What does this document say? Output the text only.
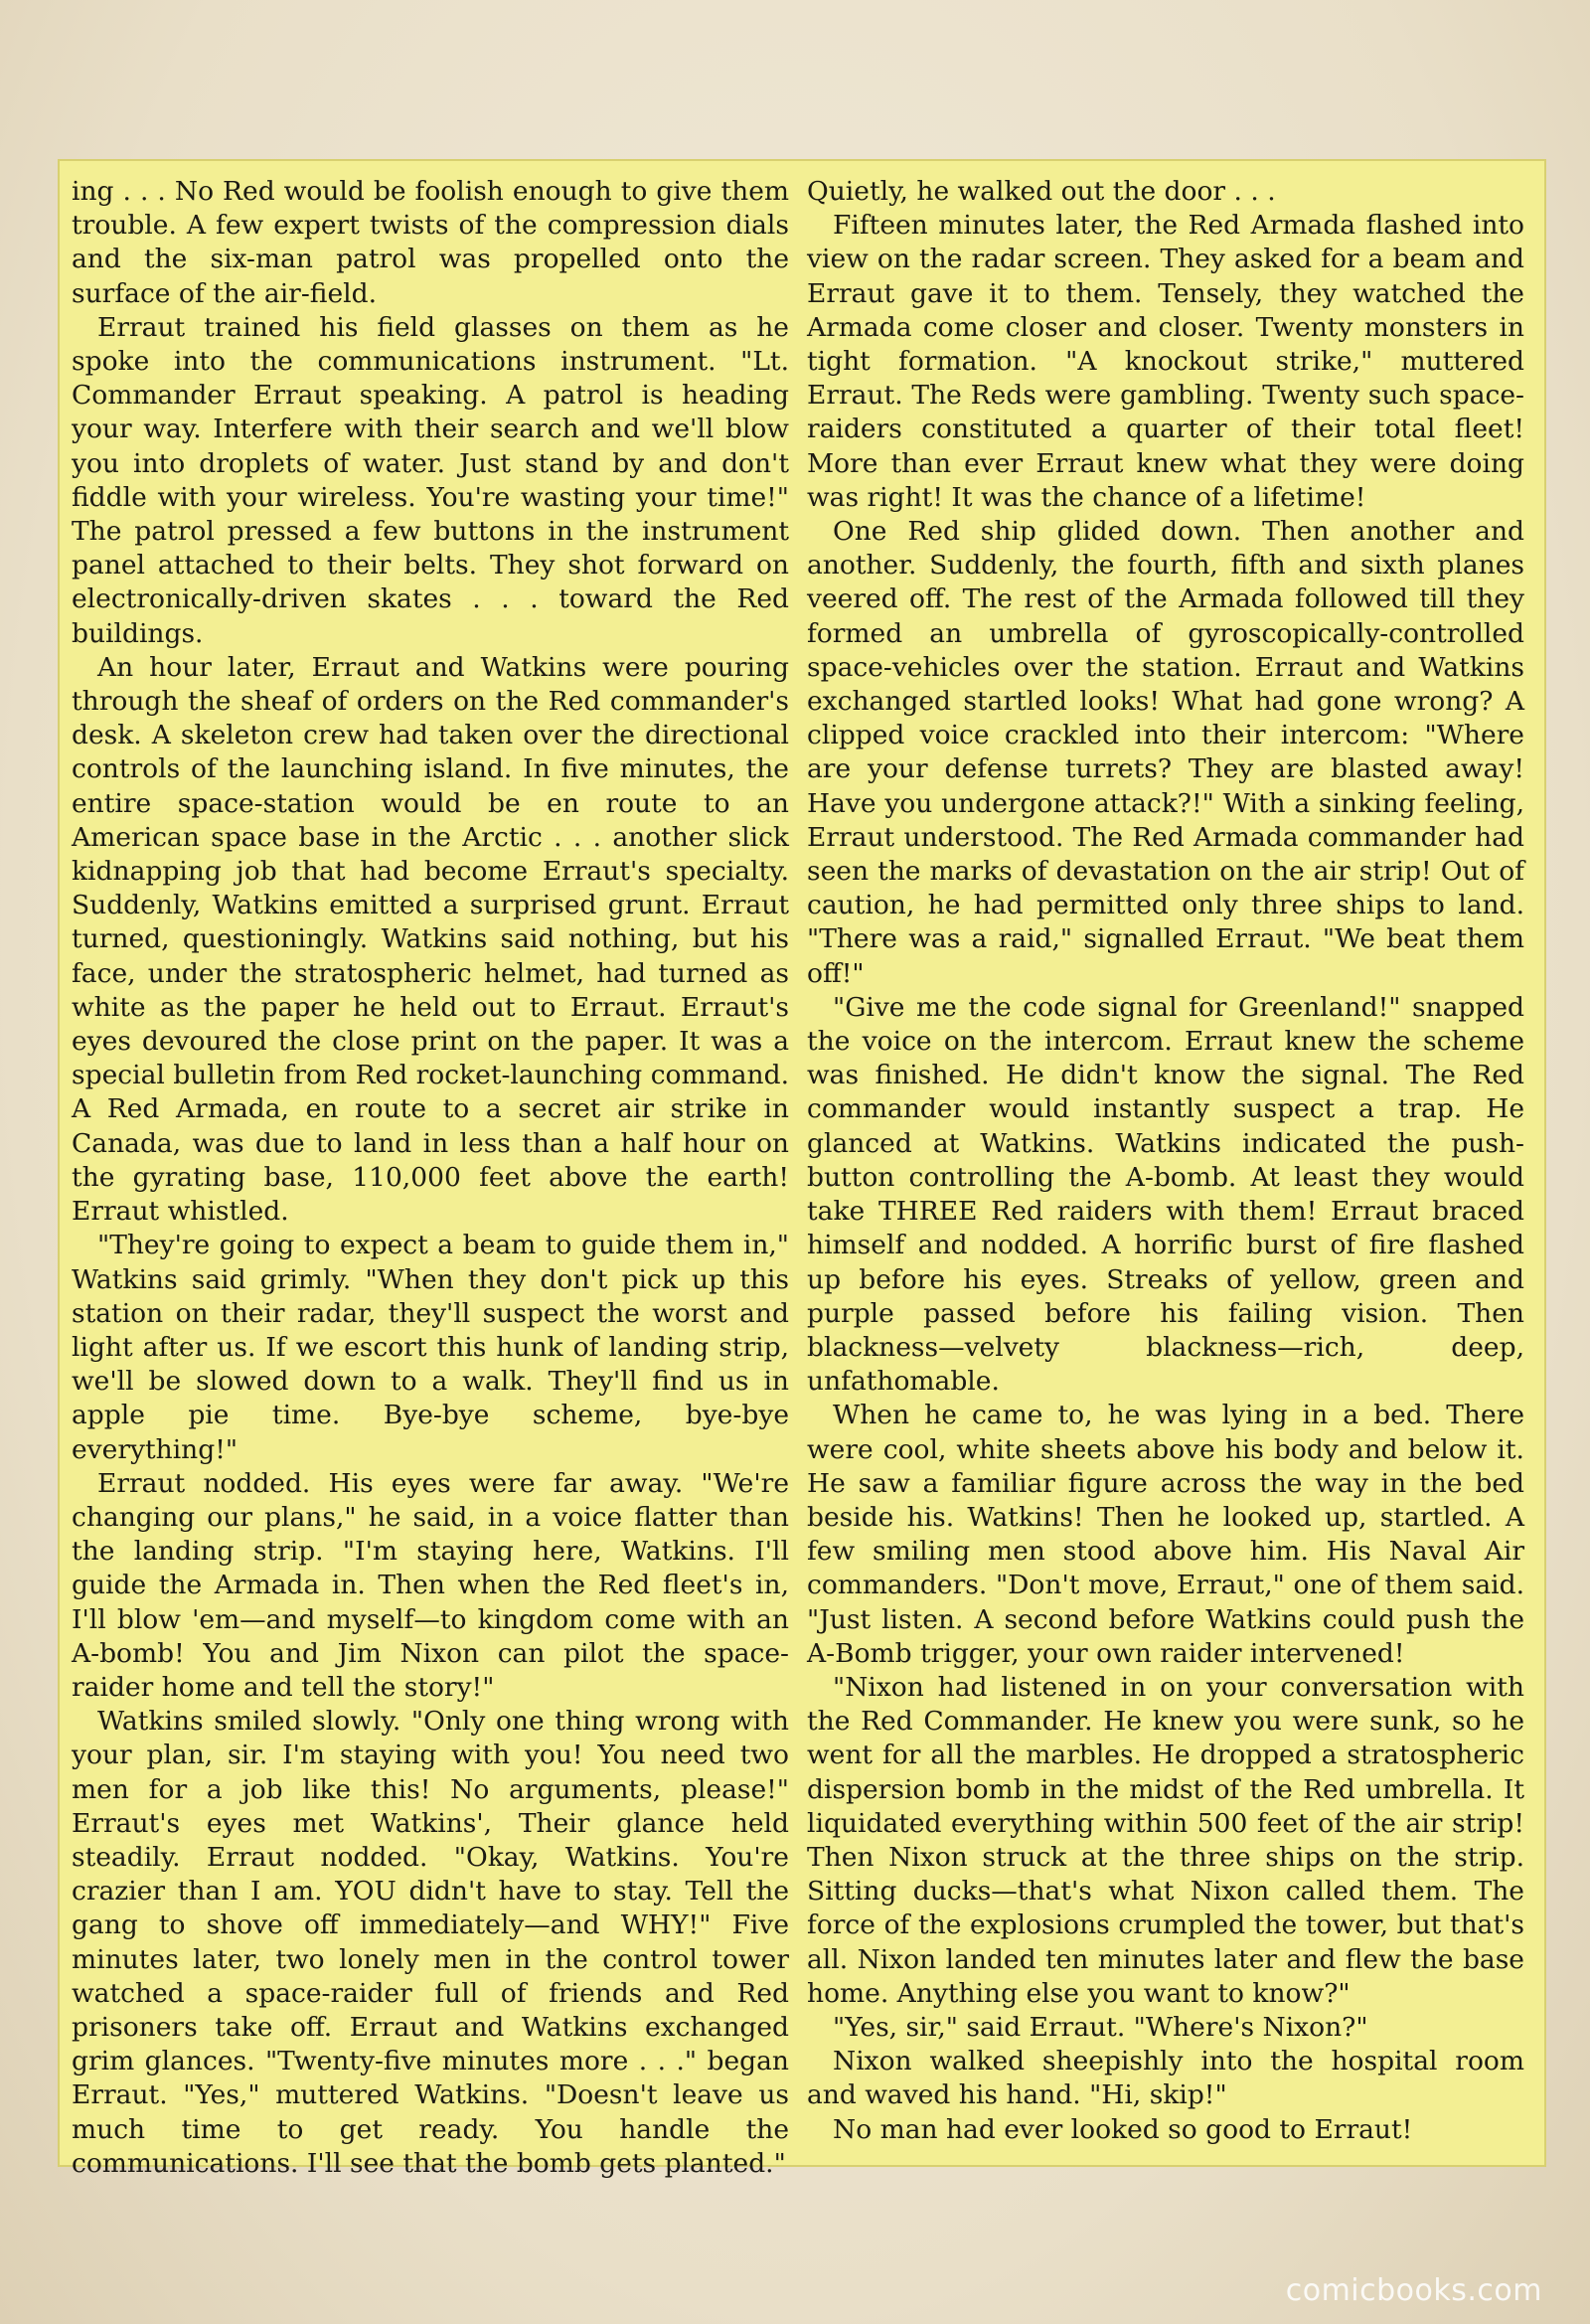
ing . . . No Red would be foolish enough to give them trouble. A few expert twists of the compression dials and the six-man patrol was propelled onto the surface of the air-field.

Erraut trained his field glasses on them as he spoke into the communications instrument. "Lt. Commander Erraut speaking. A patrol is heading your way. Interfere with their search and we'll blow you into droplets of water. Just stand by and don't fiddle with your wireless. You're wasting your time!" The patrol pressed a few buttons in the instrument panel attached to their belts. They shot forward on electronically-driven skates . . . toward the Red buildings.

An hour later, Erraut and Watkins were pouring through the sheaf of orders on the Red commander's desk. A skeleton crew had taken over the directional controls of the launching island. In five minutes, the entire space-station would be en route to an American space base in the Arctic . . . another slick kidnapping job that had become Erraut's specialty. Suddenly, Watkins emitted a surprised grunt. Erraut turned, questioningly. Watkins said nothing, but his face, under the stratospheric helmet, had turned as white as the paper he held out to Erraut. Erraut's eyes devoured the close print on the paper. It was a special bulletin from Red rocket-launching command. A Red Armada, en route to a secret air strike in Canada, was due to land in less than a half hour on the gyrating base, 110,000 feet above the earth! Erraut whistled.

"They're going to expect a beam to guide them in," Watkins said grimly. "When they don't pick up this station on their radar, they'll suspect the worst and light after us. If we escort this hunk of landing strip, we'll be slowed down to a walk. They'll find us in apple pie time. Bye-bye scheme, bye-bye everything!"

Erraut nodded. His eyes were far away. "We're changing our plans," he said, in a voice flatter than the landing strip. "I'm staying here, Watkins. I'll guide the Armada in. Then when the Red fleet's in, I'll blow 'em—and myself—to kingdom come with an A-bomb! You and Jim Nixon can pilot the space-raider home and tell the story!"

Watkins smiled slowly. "Only one thing wrong with your plan, sir. I'm staying with you! You need two men for a job like this! No arguments, please!" Erraut's eyes met Watkins', Their glance held steadily. Erraut nodded. "Okay, Watkins. You're crazier than I am. YOU didn't have to stay. Tell the gang to shove off immediately—and WHY!" Five minutes later, two lonely men in the control tower watched a space-raider full of friends and Red prisoners take off. Erraut and Watkins exchanged grim glances. "Twenty-five minutes more . . ." began Erraut. "Yes," muttered Watkins. "Doesn't leave us much time to get ready. You handle the communications. I'll see that the bomb gets planted."

Quietly, he walked out the door . . .

Fifteen minutes later, the Red Armada flashed into view on the radar screen. They asked for a beam and Erraut gave it to them. Tensely, they watched the Armada come closer and closer. Twenty monsters in tight formation. "A knockout strike," muttered Erraut. The Reds were gambling. Twenty such space-raiders constituted a quarter of their total fleet! More than ever Erraut knew what they were doing was right! It was the chance of a lifetime!

One Red ship glided down. Then another and another. Suddenly, the fourth, fifth and sixth planes veered off. The rest of the Armada followed till they formed an umbrella of gyroscopically-controlled space-vehicles over the station. Erraut and Watkins exchanged startled looks! What had gone wrong? A clipped voice crackled into their intercom: "Where are your defense turrets? They are blasted away! Have you undergone attack?!" With a sinking feeling, Erraut understood. The Red Armada commander had seen the marks of devastation on the air strip! Out of caution, he had permitted only three ships to land. "There was a raid," signalled Erraut. "We beat them off!"

"Give me the code signal for Greenland!" snapped the voice on the intercom. Erraut knew the scheme was finished. He didn't know the signal. The Red commander would instantly suspect a trap. He glanced at Watkins. Watkins indicated the push-button controlling the A-bomb. At least they would take THREE Red raiders with them! Erraut braced himself and nodded. A horrific burst of fire flashed up before his eyes. Streaks of yellow, green and purple passed before his failing vision. Then blackness—velvety blackness—rich, deep, unfathomable.

When he came to, he was lying in a bed. There were cool, white sheets above his body and below it. He saw a familiar figure across the way in the bed beside his. Watkins! Then he looked up, startled. A few smiling men stood above him. His Naval Air commanders. "Don't move, Erraut," one of them said. "Just listen. A second before Watkins could push the A-Bomb trigger, your own raider intervened!

"Nixon had listened in on your conversation with the Red Commander. He knew you were sunk, so he went for all the marbles. He dropped a stratospheric dispersion bomb in the midst of the Red umbrella. It liquidated everything within 500 feet of the air strip! Then Nixon struck at the three ships on the strip. Sitting ducks—that's what Nixon called them. The force of the explosions crumpled the tower, but that's all. Nixon landed ten minutes later and flew the base home. Anything else you want to know?"

"Yes, sir," said Erraut. "Where's Nixon?"

Nixon walked sheepishly into the hospital room and waved his hand. "Hi, skip!"

No man had ever looked so good to Erraut!

comicbooks.com
